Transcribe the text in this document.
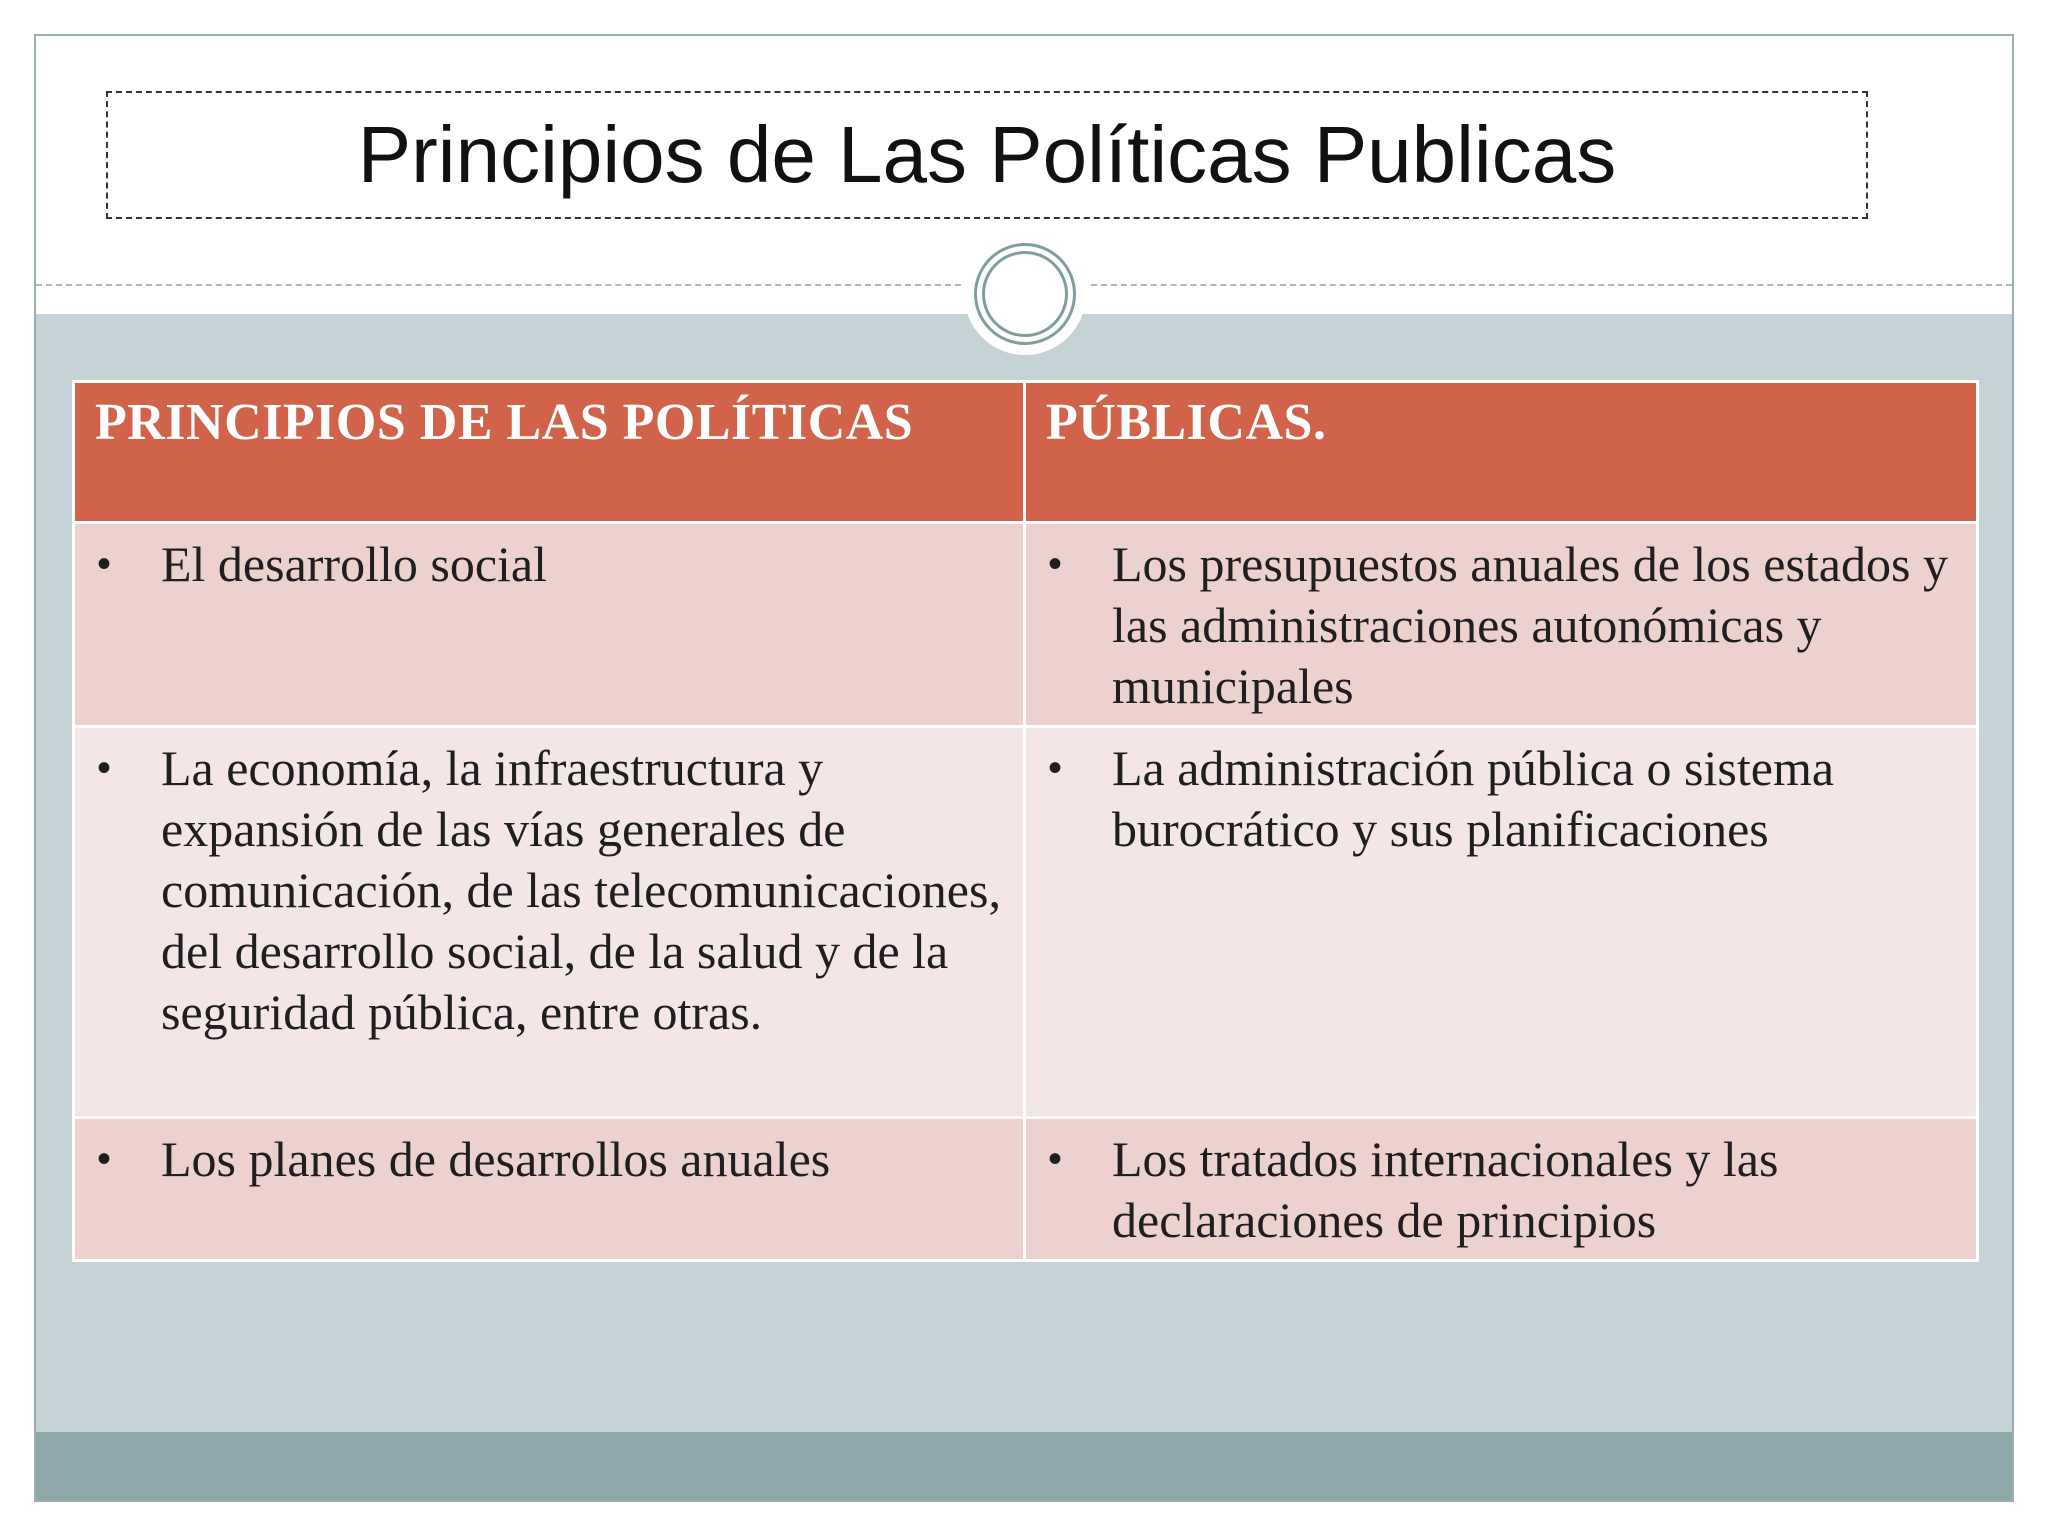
Principios de Las Políticas Publicas
PRINCIPIOS DE LAS POLÍTICAS	PÚBLICAS.

• El desarrollo social	• Los presupuestos anuales de los estados y las administraciones autonómicas y municipales

• La economía, la infraestructura y expansión de las vías generales de comunicación, de las telecomunicaciones, del desarrollo social, de la salud y de la seguridad pública, entre otras.	• La administración pública o sistema burocrático y sus planificaciones

• Los planes de desarrollos anuales	• Los tratados internacionales y las declaraciones de principios
